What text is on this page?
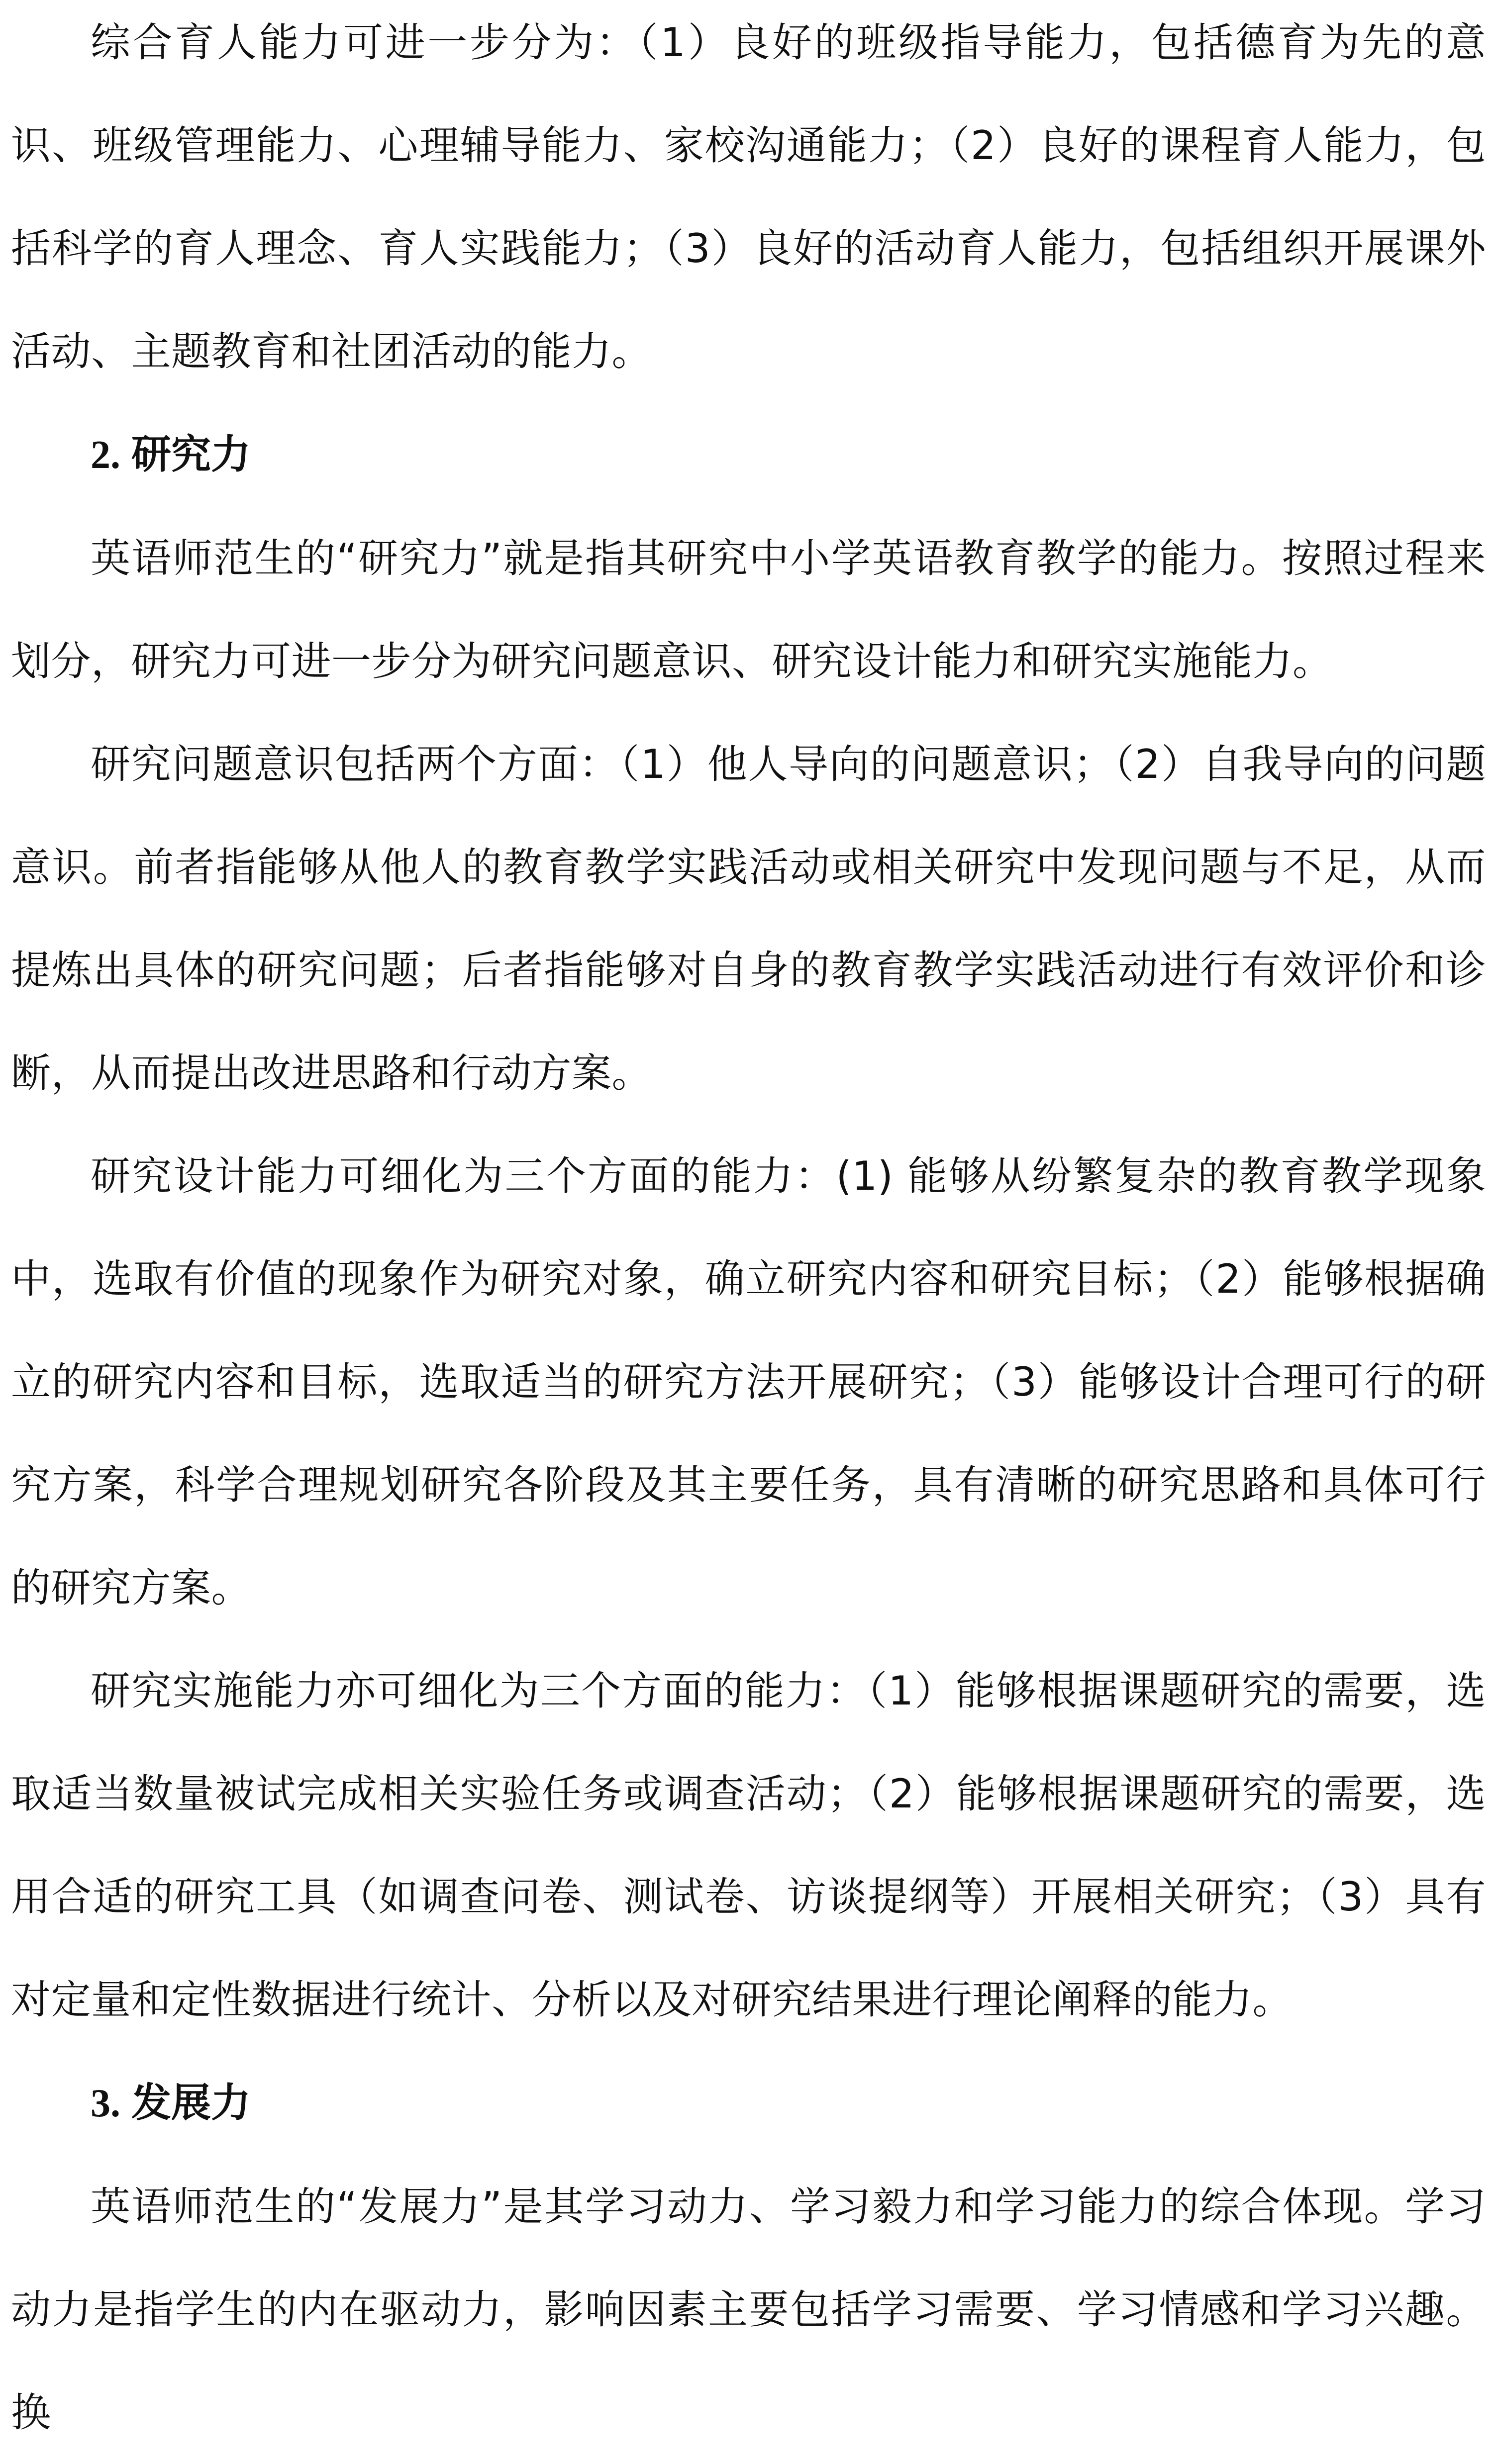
综合育人能力可进一步分为：（1）良好的班级指导能力，包括德育为先的意识、班级管理能力、心理辅导能力、家校沟通能力；（2）良好的课程育人能力，包括科学的育人理念、育人实践能力；（3）良好的活动育人能力，包括组织开展课外活动、主题教育和社团活动的能力。

2. 研究力

英语师范生的“研究力”就是指其研究中小学英语教育教学的能力。按照过程来划分，研究力可进一步分为研究问题意识、研究设计能力和研究实施能力。

研究问题意识包括两个方面：（1）他人导向的问题意识；（2）自我导向的问题意识。前者指能够从他人的教育教学实践活动或相关研究中发现问题与不足，从而提炼出具体的研究问题；后者指能够对自身的教育教学实践活动进行有效评价和诊断，从而提出改进思路和行动方案。

研究设计能力可细化为三个方面的能力：(1) 能够从纷繁复杂的教育教学现象中，选取有价值的现象作为研究对象，确立研究内容和研究目标；（2）能够根据确立的研究内容和目标，选取适当的研究方法开展研究；（3）能够设计合理可行的研究方案，科学合理规划研究各阶段及其主要任务，具有清晰的研究思路和具体可行的研究方案。

研究实施能力亦可细化为三个方面的能力：（1）能够根据课题研究的需要，选取适当数量被试完成相关实验任务或调查活动；（2）能够根据课题研究的需要，选用合适的研究工具（如调查问卷、测试卷、访谈提纲等）开展相关研究；（3）具有对定量和定性数据进行统计、分析以及对研究结果进行理论阐释的能力。

3. 发展力

英语师范生的“发展力”是其学习动力、学习毅力和学习能力的综合体现。学习动力是指学生的内在驱动力，影响因素主要包括学习需要、学习情感和学习兴趣。换
